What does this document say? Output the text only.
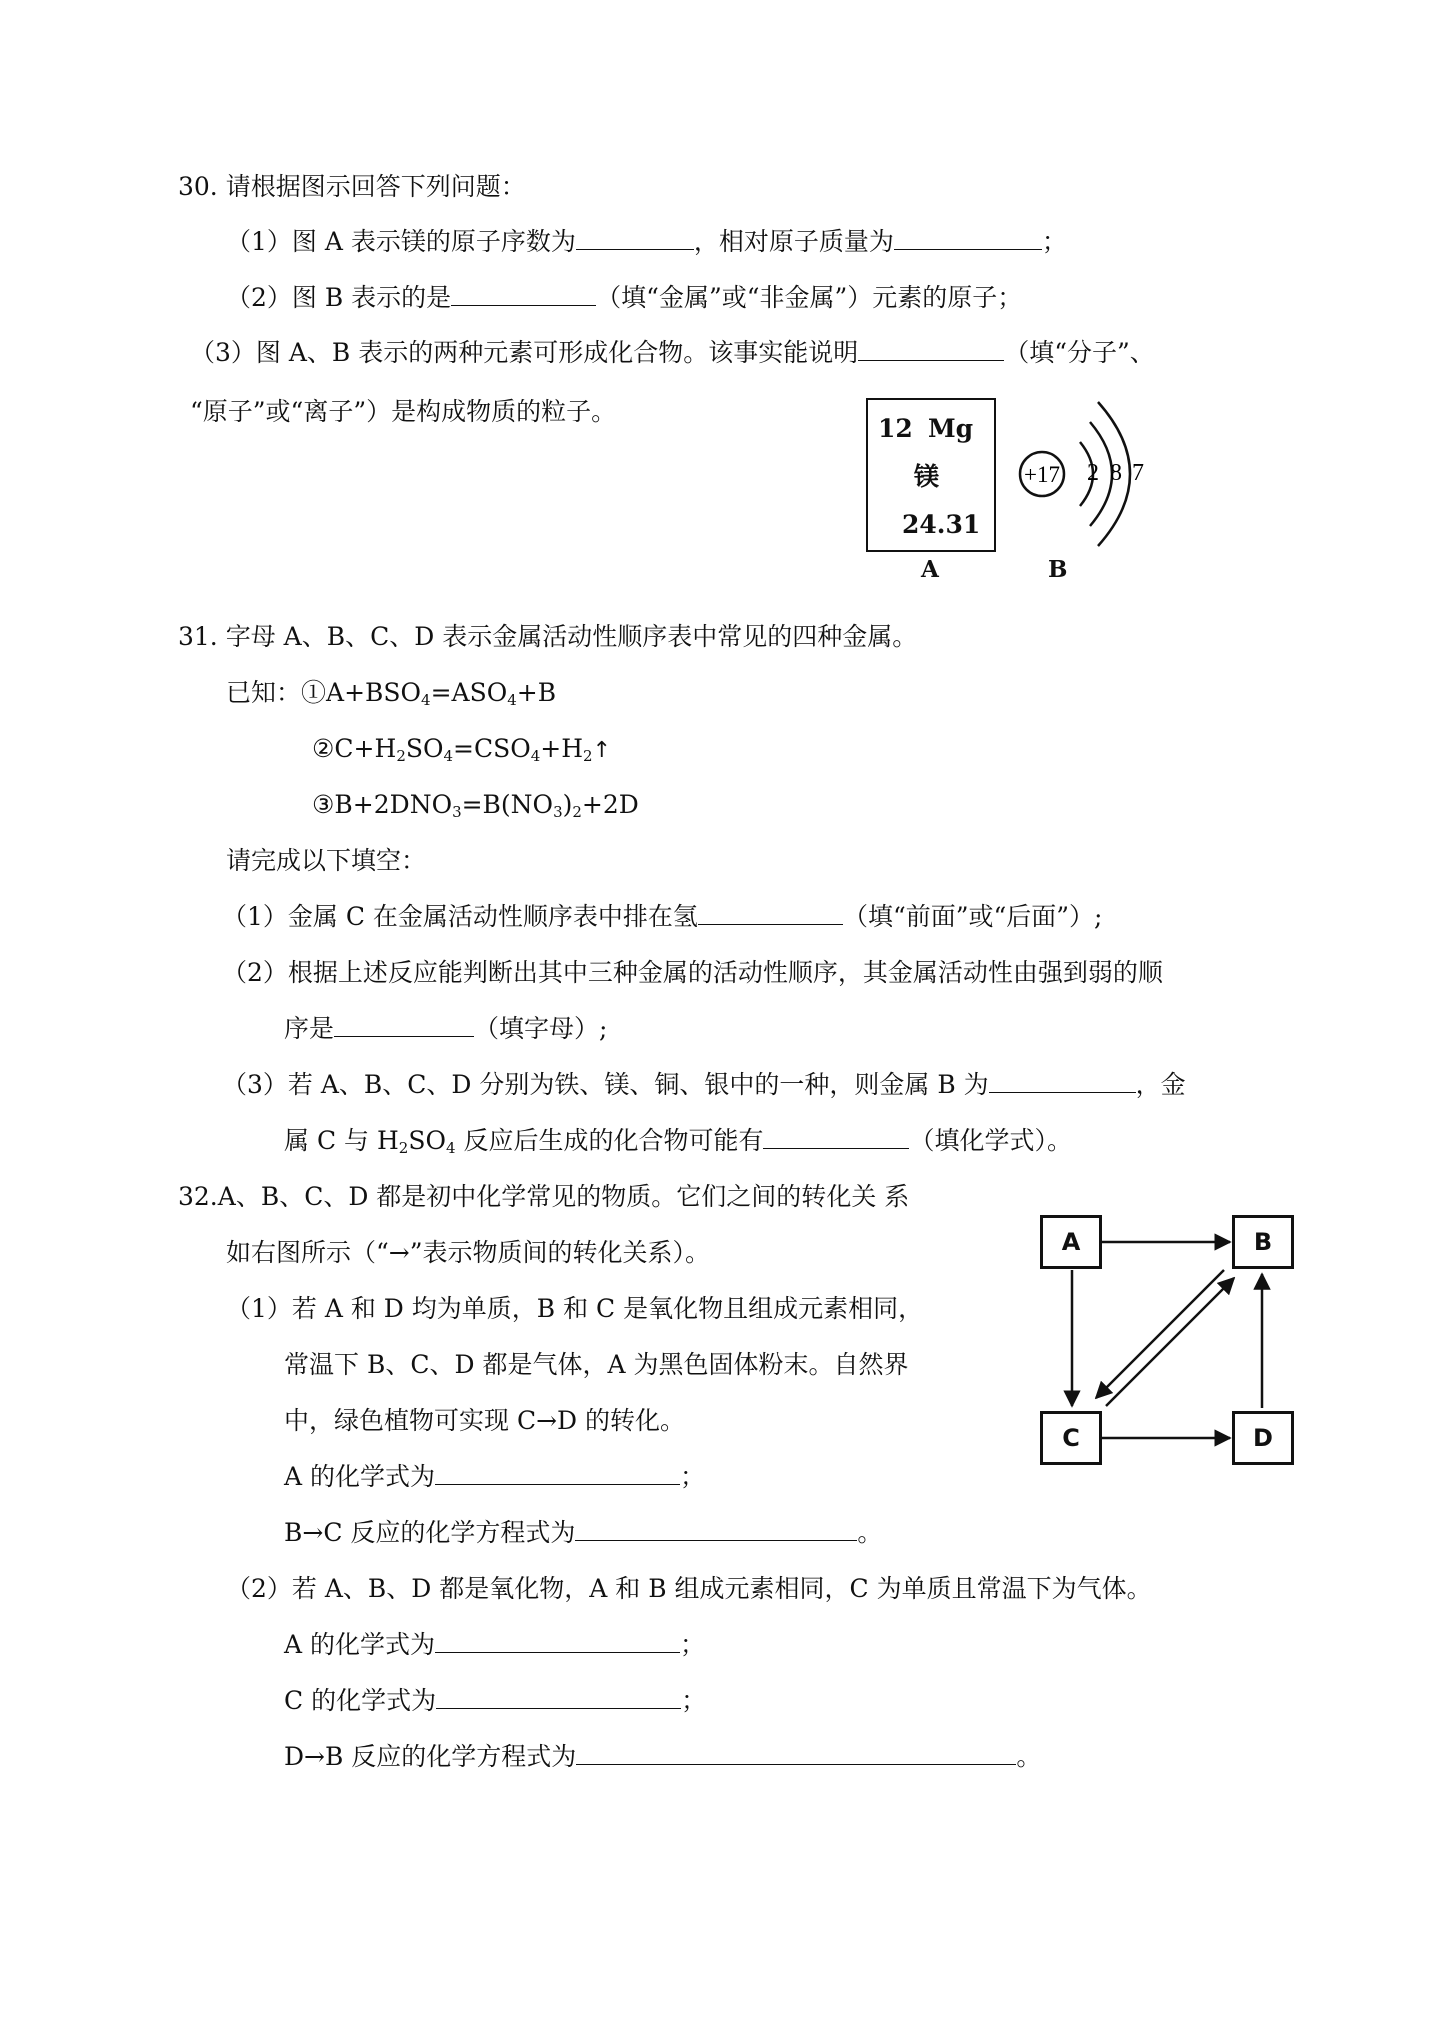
30. 请根据图示回答下列问题：
（1）图 A 表示镁的原子序数为	，相对原子质量为	；
（2）图 B 表示的是	（填“金属”或“非金属”）元素的原子；
（3）图 A、B 表示的两种元素可形成化合物。该事实能说明	（填“分子”、
“原子”或“离子”）是构成物质的粒子。
12 Mg
镁
24.31
A
+17 2 8 7
B
31. 字母 A、B、C、D 表示金属活动性顺序表中常见的四种金属。
已知：$①A+BSO_4=ASO_4+B$
$②C+H_2SO_4=CSO_4+H_2↑$
$③B+2DNO_3=B(NO_3)_2+2D$
请完成以下填空：
（1）金属 C 在金属活动性顺序表中排在氢	（填“前面”或“后面”）;
（2）根据上述反应能判断出其中三种金属的活动性顺序，其金属活动性由强到弱的顺
序是	（填字母）;
（3）若 A、B、C、D 分别为铁、镁、铜、银中的一种，则金属 B 为	，金
属 C 与 $H_2SO_4$ 反应后生成的化合物可能有	（填化学式）。
32.A、B、C、D 都是初中化学常见的物质。它们之间的转化关 系
如右图所示（“→”表示物质间的转化关系）。
（1）若 A 和 D 均为单质，B 和 C 是氧化物且组成元素相同，
常温下 B、C、D 都是气体，A 为黑色固体粉末。自然界
中，绿色植物可实现 C→D 的转化。
A 的化学式为	；
B→C 反应的化学方程式为	。
（2）若 A、B、D 都是氧化物，A 和 B 组成元素相同，C 为单质且常温下为气体。
A 的化学式为	；
C 的化学式为	；
D→B 反应的化学方程式为	。
A	B
C	D
